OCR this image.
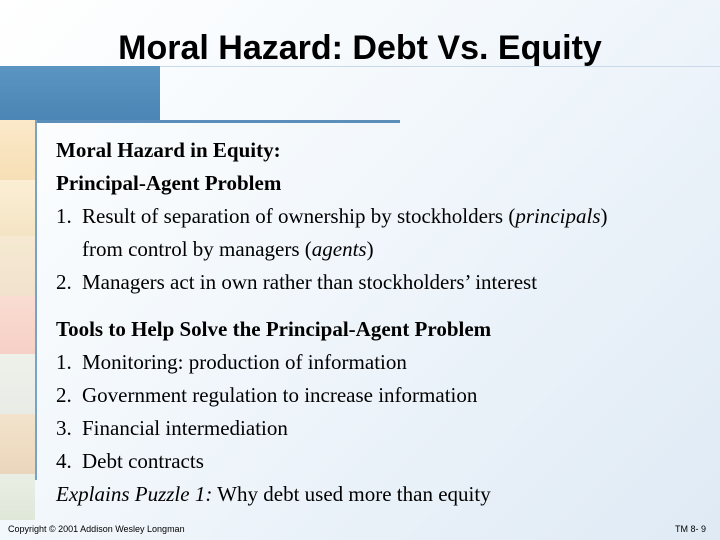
Moral Hazard: Debt Vs. Equity

Moral Hazard in Equity:

Principal-Agent Problem

1. Result of separation of ownership by stockholders (principals)
from control by managers (agents)
2. Managers act in own rather than stockholders’ interest

Tools to Help Solve the Principal-Agent Problem

1. Monitoring: production of information
2. Government regulation to increase information
3. Financial intermediation
4. Debt contracts

Explains Puzzle 1: Why debt used more than equity

Copyright © 2001 Addison Wesley Longman	TM 8- 9
